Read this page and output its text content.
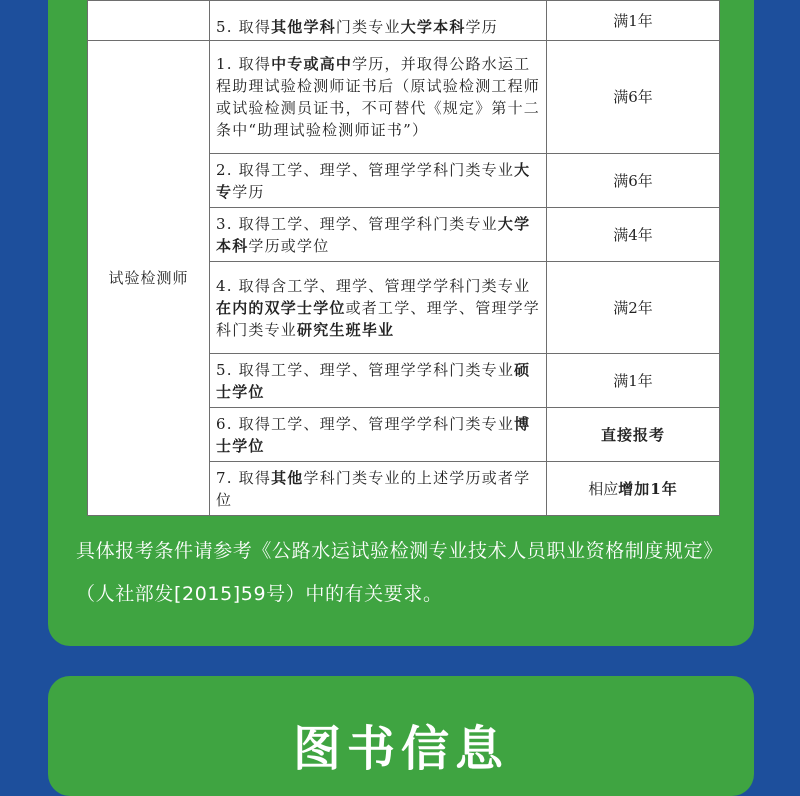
	5. 取得其他学科门类专业大学本科学历	满1年
试验检测师	1. 取得中专或高中学历，并取得公路水运工程助理试验检测师证书后（原试验检测工程师或试验检测员证书，不可替代《规定》第十二条中“助理试验检测师证书”）	满6年
	2. 取得工学、理学、管理学学科门类专业大专学历	满6年
	3. 取得工学、理学、管理学科门类专业大学本科学历或学位	满4年
	4. 取得含工学、理学、管理学学科门类专业在内的双学士学位或者工学、理学、管理学学科门类专业研究生班毕业	满2年
	5. 取得工学、理学、管理学学科门类专业硕士学位	满1年
	6. 取得工学、理学、管理学学科门类专业博士学位	直接报考
	7. 取得其他学科门类专业的上述学历或者学位	相应增加1年
具体报考条件请参考《公路水运试验检测专业技术人员职业资格制度规定》（人社部发[2015]59号）中的有关要求。
图书信息
